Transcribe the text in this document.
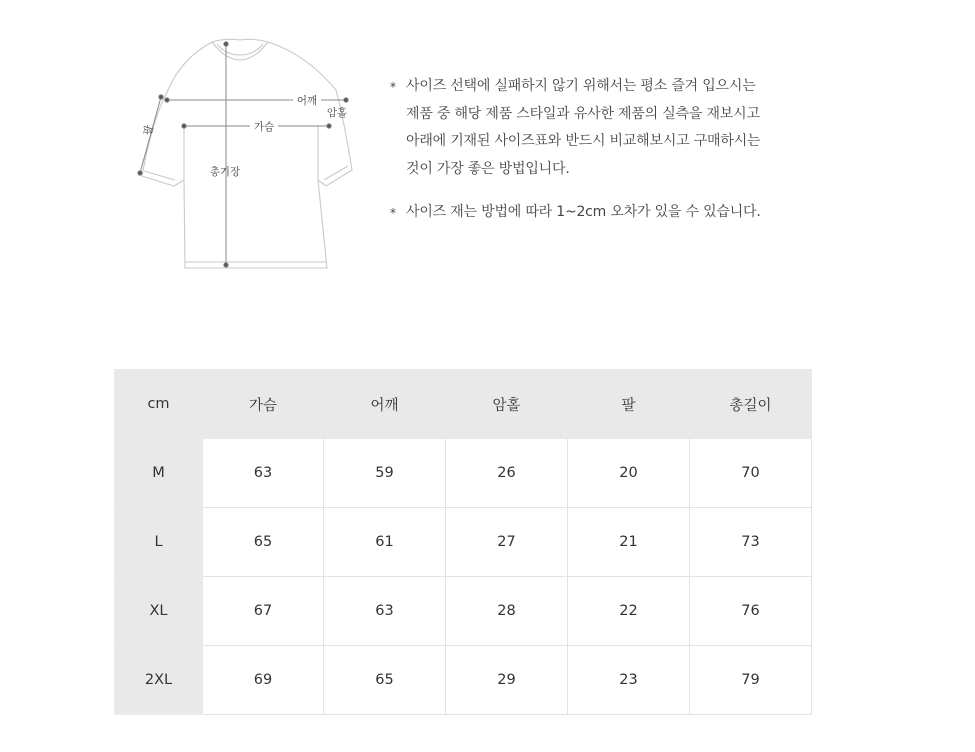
어깨
암홀
가슴
총기장
팔
* 사이즈 선택에 실패하지 않기 위해서는 평소 즐겨 입으시는
제품 중 해당 제품 스타일과 유사한 제품의 실측을 재보시고
아래에 기재된 사이즈표와 반드시 비교해보시고 구매하시는
것이 가장 좋은 방법입니다.
* 사이즈 재는 방법에 따라 1~2cm 오차가 있을 수 있습니다.
cm	가슴	어깨	암홀	팔	총길이
M	63	59	26	20	70
L	65	61	27	21	73
XL	67	63	28	22	76
2XL	69	65	29	23	79
